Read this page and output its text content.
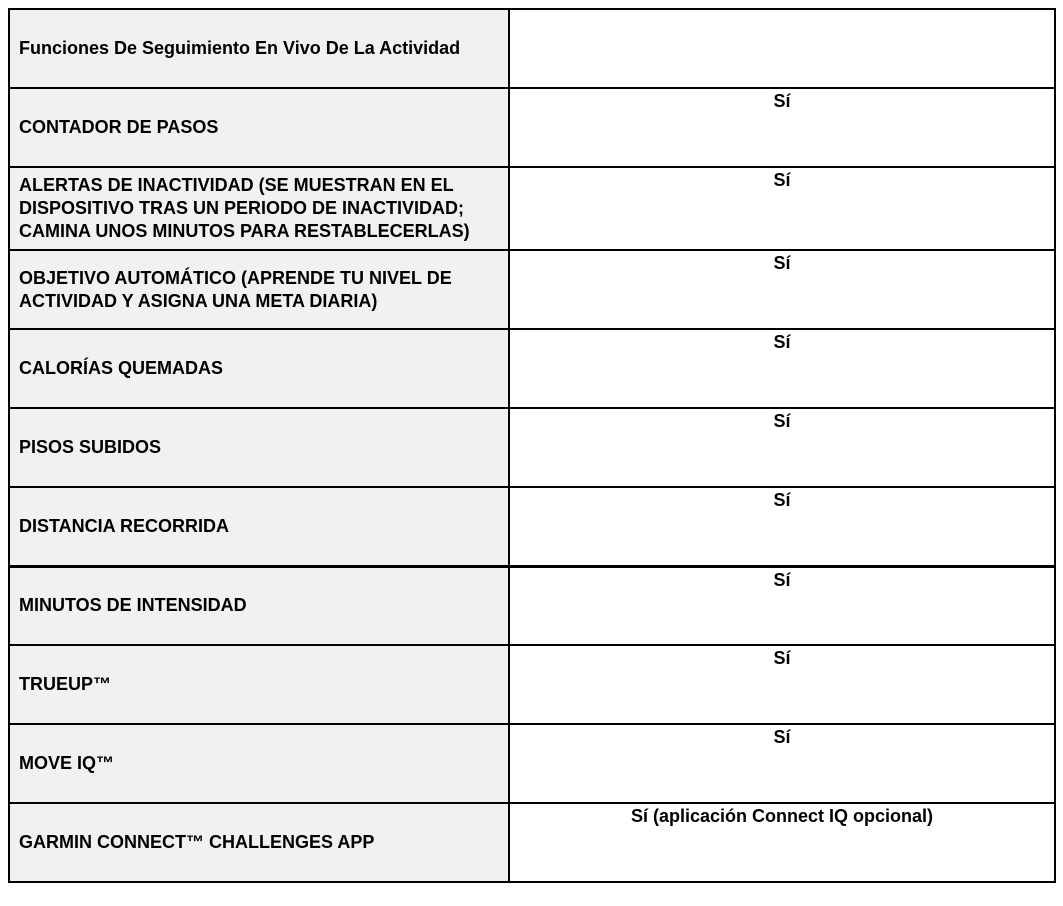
Funciones De Seguimiento En Vivo De La Actividad	
CONTADOR DE PASOS	Sí
ALERTAS DE INACTIVIDAD (SE MUESTRAN EN EL DISPOSITIVO TRAS UN PERIODO DE INACTIVIDAD; CAMINA UNOS MINUTOS PARA RESTABLECERLAS)	Sí
OBJETIVO AUTOMÁTICO (APRENDE TU NIVEL DE ACTIVIDAD Y ASIGNA UNA META DIARIA)	Sí
CALORÍAS QUEMADAS	Sí
PISOS SUBIDOS	Sí
DISTANCIA RECORRIDA	Sí
MINUTOS DE INTENSIDAD	Sí
TRUEUP™	Sí
MOVE IQ™	Sí
GARMIN CONNECT™ CHALLENGES APP	Sí (aplicación Connect IQ opcional)
